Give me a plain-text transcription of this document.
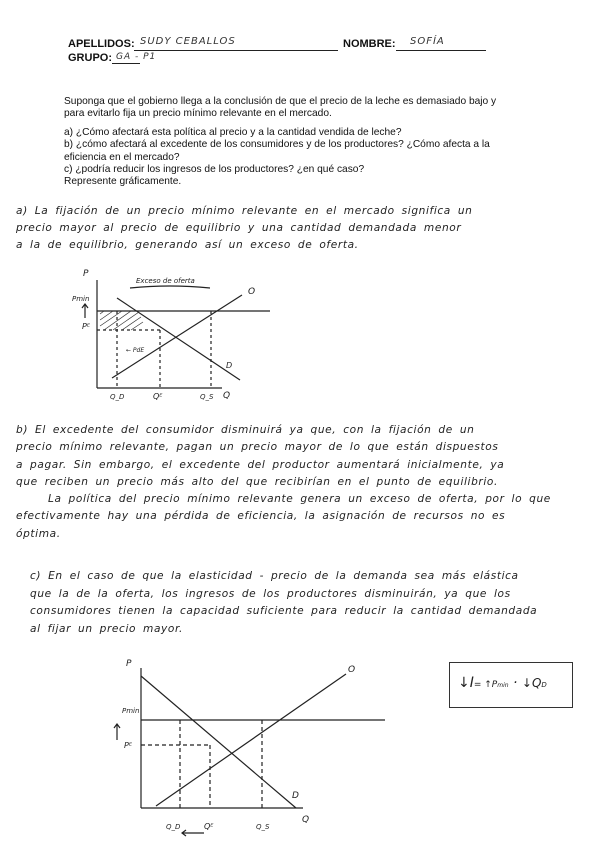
APELLIDOS: SUDY CEBALLOS	NOMBRE: SOFÍA
GRUPO: GA - P1

Suponga que el gobierno llega a la conclusión de que el precio de la leche es demasiado bajo y para evitarlo fija un precio mínimo relevante en el mercado.

a) ¿Cómo afectará esta política al precio y a la cantidad vendida de leche?

b) ¿cómo afectará al excedente de los consumidores y de los productores? ¿Cómo afecta a la eficiencia en el mercado?

c) ¿podría reducir los ingresos de los productores? ¿en qué caso?

Represente gráficamente.

a) La fijación de un precio mínimo relevante en el mercado significa un
precio mayor al precio de equilibrio y una cantidad demandada menor
a la de equilibrio, generando así un exceso de oferta.
P
Q
O
D
Pmin
Pᴱ
Q_D	Qᴱ	Q_S
Exceso de oferta
← PdE
b) El excedente del consumidor disminuirá ya que, con la fijación de un
precio mínimo relevante, pagan un precio mayor de lo que están dispuestos
a pagar. Sin embargo, el excedente del productor aumentará inicialmente, ya
que reciben un precio más alto del que recibirían en el punto de equilibrio.
La política del precio mínimo relevante genera un exceso de oferta, por lo que
efectivamente hay una pérdida de eficiencia, la asignación de recursos no es
óptima.
c) En el caso de que la elasticidad - precio de la demanda sea más elástica
que la de la oferta, los ingresos de los productores disminuirán, ya que los
consumidores tienen la capacidad suficiente para reducir la cantidad demandada
al fijar un precio mayor.
P
Q
O
D
Pmin
Pᴱ
Q_D	Qᴱ	Q_S
↓I= ↑Pmin · ↓QD
